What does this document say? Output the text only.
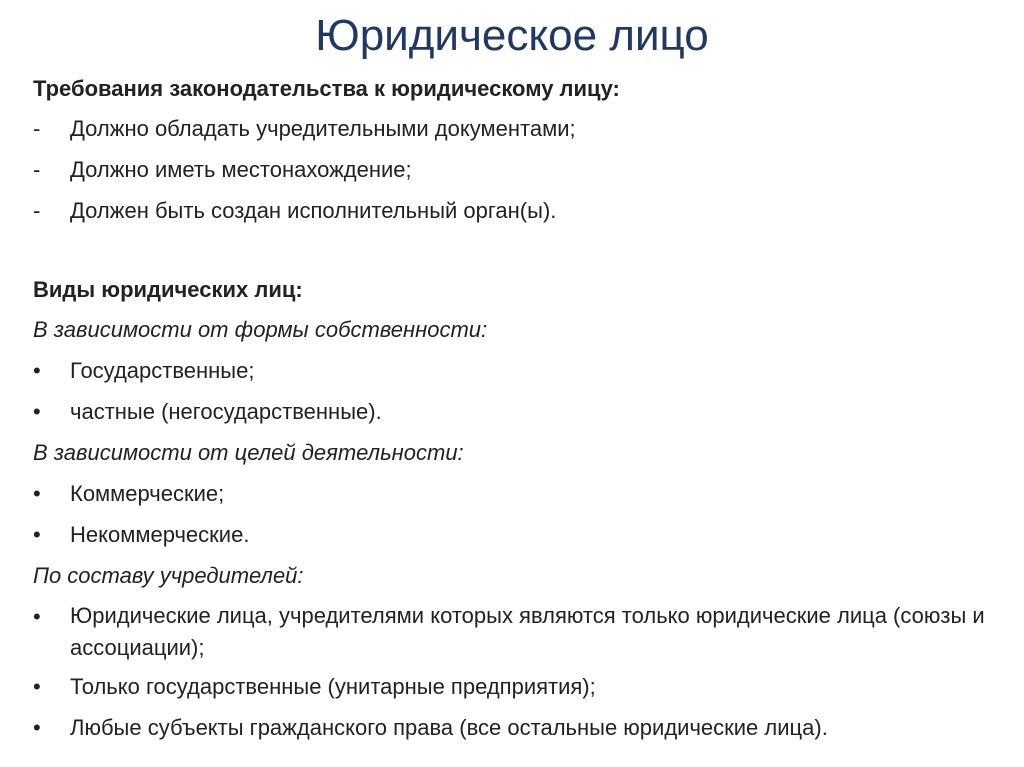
Юридическое лицо
Требования законодательства к юридическому лицу:
-	Должно обладать учредительными документами;
-	Должно иметь местонахождение;
-	Должен быть создан исполнительный орган(ы).
Виды юридических лиц:
В зависимости от формы собственности:
•	Государственные;
•	частные (негосударственные).
В зависимости от целей деятельности:
•	Коммерческие;
•	Некоммерческие.
По составу учредителей:
•	Юридические лица, учредителями которых являются только юридические лица (союзы и ассоциации);
•	Только государственные (унитарные предприятия);
•	Любые субъекты гражданского права (все остальные юридические лица).
